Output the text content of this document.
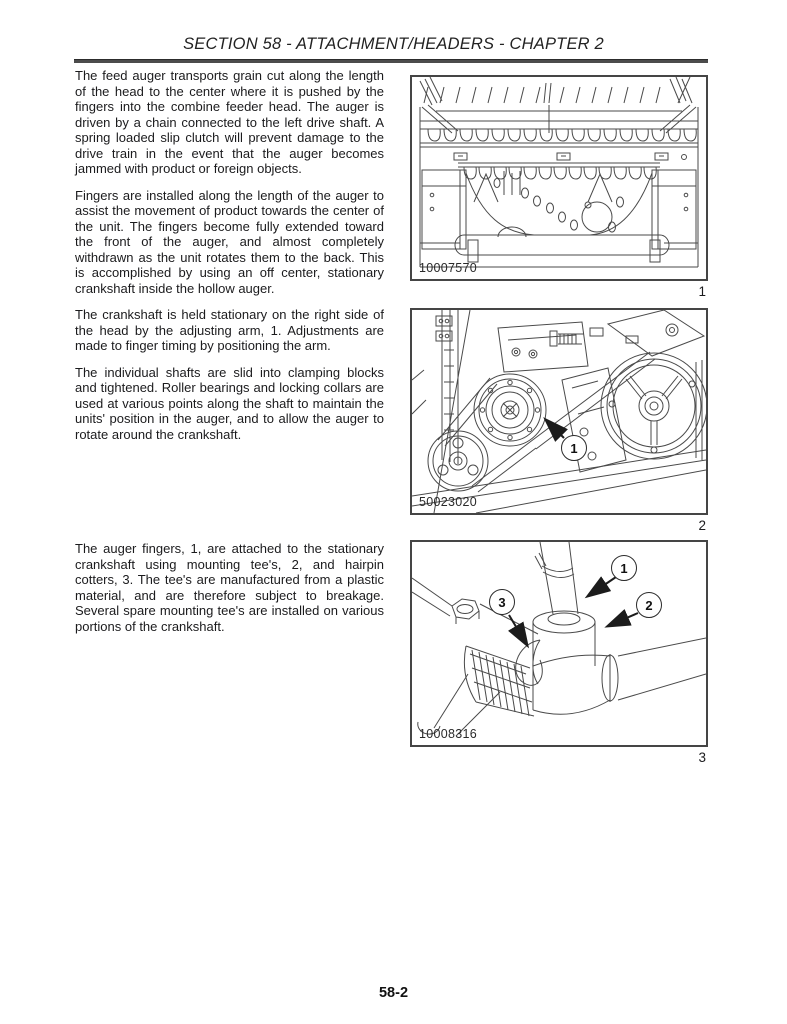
SECTION 58 - ATTACHMENT/HEADERS - CHAPTER 2

The feed auger transports grain cut along the length of the head to the center where it is pushed by the fingers into the combine feeder head. The auger is driven by a chain connected to the left drive shaft. A spring loaded slip clutch will prevent damage to the drive train in the event that the auger becomes jammed with product or foreign objects.

Fingers are installed along the length of the auger to assist the movement of product towards the center of the unit. The fingers become fully extended toward the front of the auger, and almost completely withdrawn as the unit rotates them to the back. This is accomplished by using an off center, stationary crankshaft inside the hollow auger.

The crankshaft is held stationary on the right side of the head by the adjusting arm, 1. Adjustments are made to finger timing by positioning the arm.

The individual shafts are slid into clamping blocks and tightened. Roller bearings and locking collars are used at various points along the shaft to maintain the units' position in the auger, and to allow the auger to rotate around the crankshaft.

The auger fingers, 1, are attached to the stationary crankshaft using mounting tee's, 2, and hairpin cotters, 3. The tee's are manufactured from a plastic material, and are therefore subject to breakage. Several spare mounting tee's are installed on various portions of the crankshaft.

10007570
1
1
50023020
2
1
2
3
10008316
3
58-2
